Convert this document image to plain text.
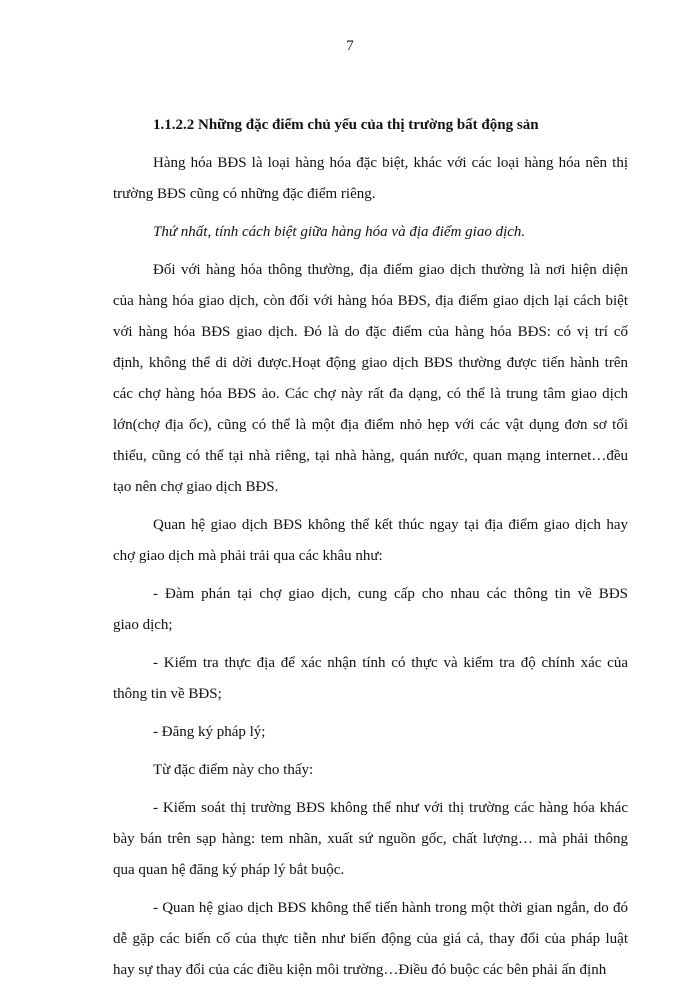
7
1.1.2.2 Những đặc điểm chủ yếu của thị trường bất động sản
Hàng hóa BĐS là loại hàng hóa đặc biệt, khác với các loại hàng hóa nên thị
trường BĐS cũng có những đặc điểm riêng.
Thứ nhất, tính cách biệt giữa hàng hóa và địa điểm giao dịch.
Đối với hàng hóa thông thường, địa điểm giao dịch thường là nơi hiện diện
của hàng hóa giao dịch, còn đối với hàng hóa BĐS, địa điểm giao dịch lại cách biệt
với hàng hóa BĐS giao dịch. Đó là do đặc điểm của hàng hóa BĐS: có vị trí cố
định, không thể di dời được.Hoạt động giao dịch BĐS thường được tiến hành trên
các chợ hàng hóa BĐS ảo. Các chợ này rất đa dạng, có thể là trung tâm giao dịch
lớn(chợ địa ốc), cũng có thể là một địa điểm nhỏ hẹp với các vật dụng đơn sơ tối
thiểu, cũng có thể tại nhà riêng, tại nhà hàng, quán nước, quan mạng internet…đều
tạo nên chợ giao dịch BĐS.
Quan hệ giao dịch BĐS không thể kết thúc ngay tại địa điểm giao dịch hay
chợ giao dịch mà phải trải qua các khâu như:
- Đàm phán tại chợ giao dịch, cung cấp cho nhau các thông tin về BĐS
giao dịch;
- Kiểm tra thực địa để xác nhận tính có thực và kiểm tra độ chính xác của
thông tin về BĐS;
- Đăng ký pháp lý;
Từ đặc điểm này cho thấy:
- Kiểm soát thị trường BĐS không thể như với thị trường các hàng hóa khác
bày bán trên sạp hàng: tem nhãn, xuất sứ nguồn gốc, chất lượng… mà phải thông
qua quan hệ đăng ký pháp lý bắt buộc.
- Quan hệ giao dịch BĐS không thể tiến hành trong một thời gian ngắn, do đó
dễ gặp các biến cố của thực tiễn như biến động của giá cả, thay đổi của pháp luật
hay sự thay đổi của các điều kiện môi trường…Điều đó buộc các bên phải ấn định
